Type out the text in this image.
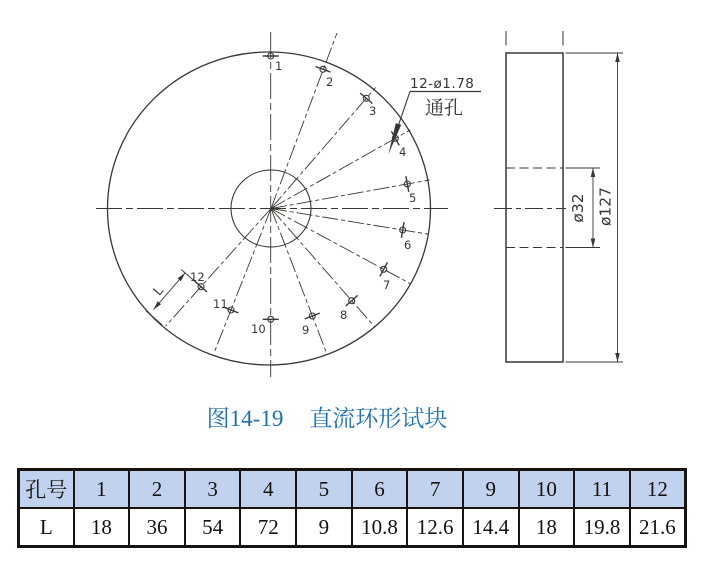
1
2
3
4
5
6
7
8
9
10
11
12
12-ø1.78
通孔
L
ø32 ø127
图14-19 直流环形试块
孔号	1	2	3	4	5	6	7	9	10	11	12
L	18	36	54	72	9	10.8	12.6	14.4	18	19.8	21.6
